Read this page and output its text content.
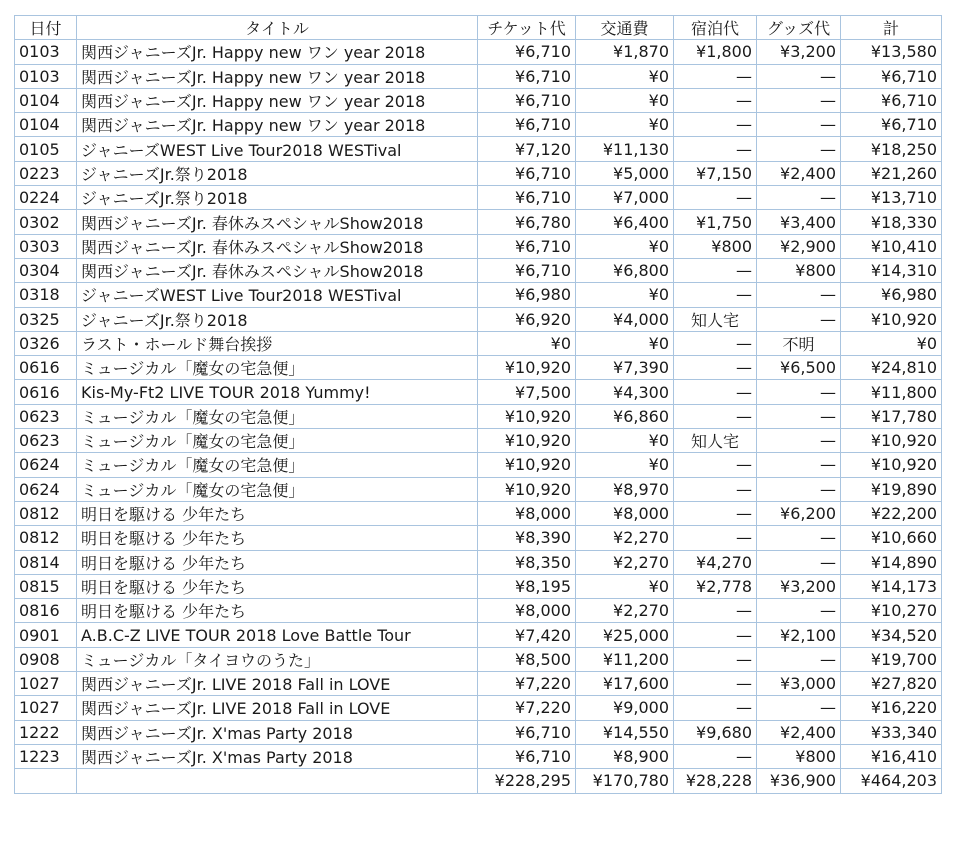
日付	タイトル	チケット代	交通費	宿泊代	グッズ代	計
0103	関西ジャニーズJr. Happy new ワン year 2018	¥6,710	¥1,870	¥1,800	¥3,200	¥13,580
0103	関西ジャニーズJr. Happy new ワン year 2018	¥6,710	¥0	—	—	¥6,710
0104	関西ジャニーズJr. Happy new ワン year 2018	¥6,710	¥0	—	—	¥6,710
0104	関西ジャニーズJr. Happy new ワン year 2018	¥6,710	¥0	—	—	¥6,710
0105	ジャニーズWEST Live Tour2018 WESTival	¥7,120	¥11,130	—	—	¥18,250
0223	ジャニーズJr.祭り2018	¥6,710	¥5,000	¥7,150	¥2,400	¥21,260
0224	ジャニーズJr.祭り2018	¥6,710	¥7,000	—	—	¥13,710
0302	関西ジャニーズJr. 春休みスペシャルShow2018	¥6,780	¥6,400	¥1,750	¥3,400	¥18,330
0303	関西ジャニーズJr. 春休みスペシャルShow2018	¥6,710	¥0	¥800	¥2,900	¥10,410
0304	関西ジャニーズJr. 春休みスペシャルShow2018	¥6,710	¥6,800	—	¥800	¥14,310
0318	ジャニーズWEST Live Tour2018 WESTival	¥6,980	¥0	—	—	¥6,980
0325	ジャニーズJr.祭り2018	¥6,920	¥4,000	知人宅	—	¥10,920
0326	ラスト・ホールド舞台挨拶	¥0	¥0	—	不明	¥0
0616	ミュージカル「魔女の宅急便」	¥10,920	¥7,390	—	¥6,500	¥24,810
0616	Kis-My-Ft2 LIVE TOUR 2018 Yummy!	¥7,500	¥4,300	—	—	¥11,800
0623	ミュージカル「魔女の宅急便」	¥10,920	¥6,860	—	—	¥17,780
0623	ミュージカル「魔女の宅急便」	¥10,920	¥0	知人宅	—	¥10,920
0624	ミュージカル「魔女の宅急便」	¥10,920	¥0	—	—	¥10,920
0624	ミュージカル「魔女の宅急便」	¥10,920	¥8,970	—	—	¥19,890
0812	明日を駆ける 少年たち	¥8,000	¥8,000	—	¥6,200	¥22,200
0812	明日を駆ける 少年たち	¥8,390	¥2,270	—	—	¥10,660
0814	明日を駆ける 少年たち	¥8,350	¥2,270	¥4,270	—	¥14,890
0815	明日を駆ける 少年たち	¥8,195	¥0	¥2,778	¥3,200	¥14,173
0816	明日を駆ける 少年たち	¥8,000	¥2,270	—	—	¥10,270
0901	A.B.C-Z LIVE TOUR 2018 Love Battle Tour	¥7,420	¥25,000	—	¥2,100	¥34,520
0908	ミュージカル「タイヨウのうた」	¥8,500	¥11,200	—	—	¥19,700
1027	関西ジャニーズJr. LIVE 2018 Fall in LOVE	¥7,220	¥17,600	—	¥3,000	¥27,820
1027	関西ジャニーズJr. LIVE 2018 Fall in LOVE	¥7,220	¥9,000	—	—	¥16,220
1222	関西ジャニーズJr. X'mas Party 2018	¥6,710	¥14,550	¥9,680	¥2,400	¥33,340
1223	関西ジャニーズJr. X'mas Party 2018	¥6,710	¥8,900	—	¥800	¥16,410
		¥228,295	¥170,780	¥28,228	¥36,900	¥464,203
